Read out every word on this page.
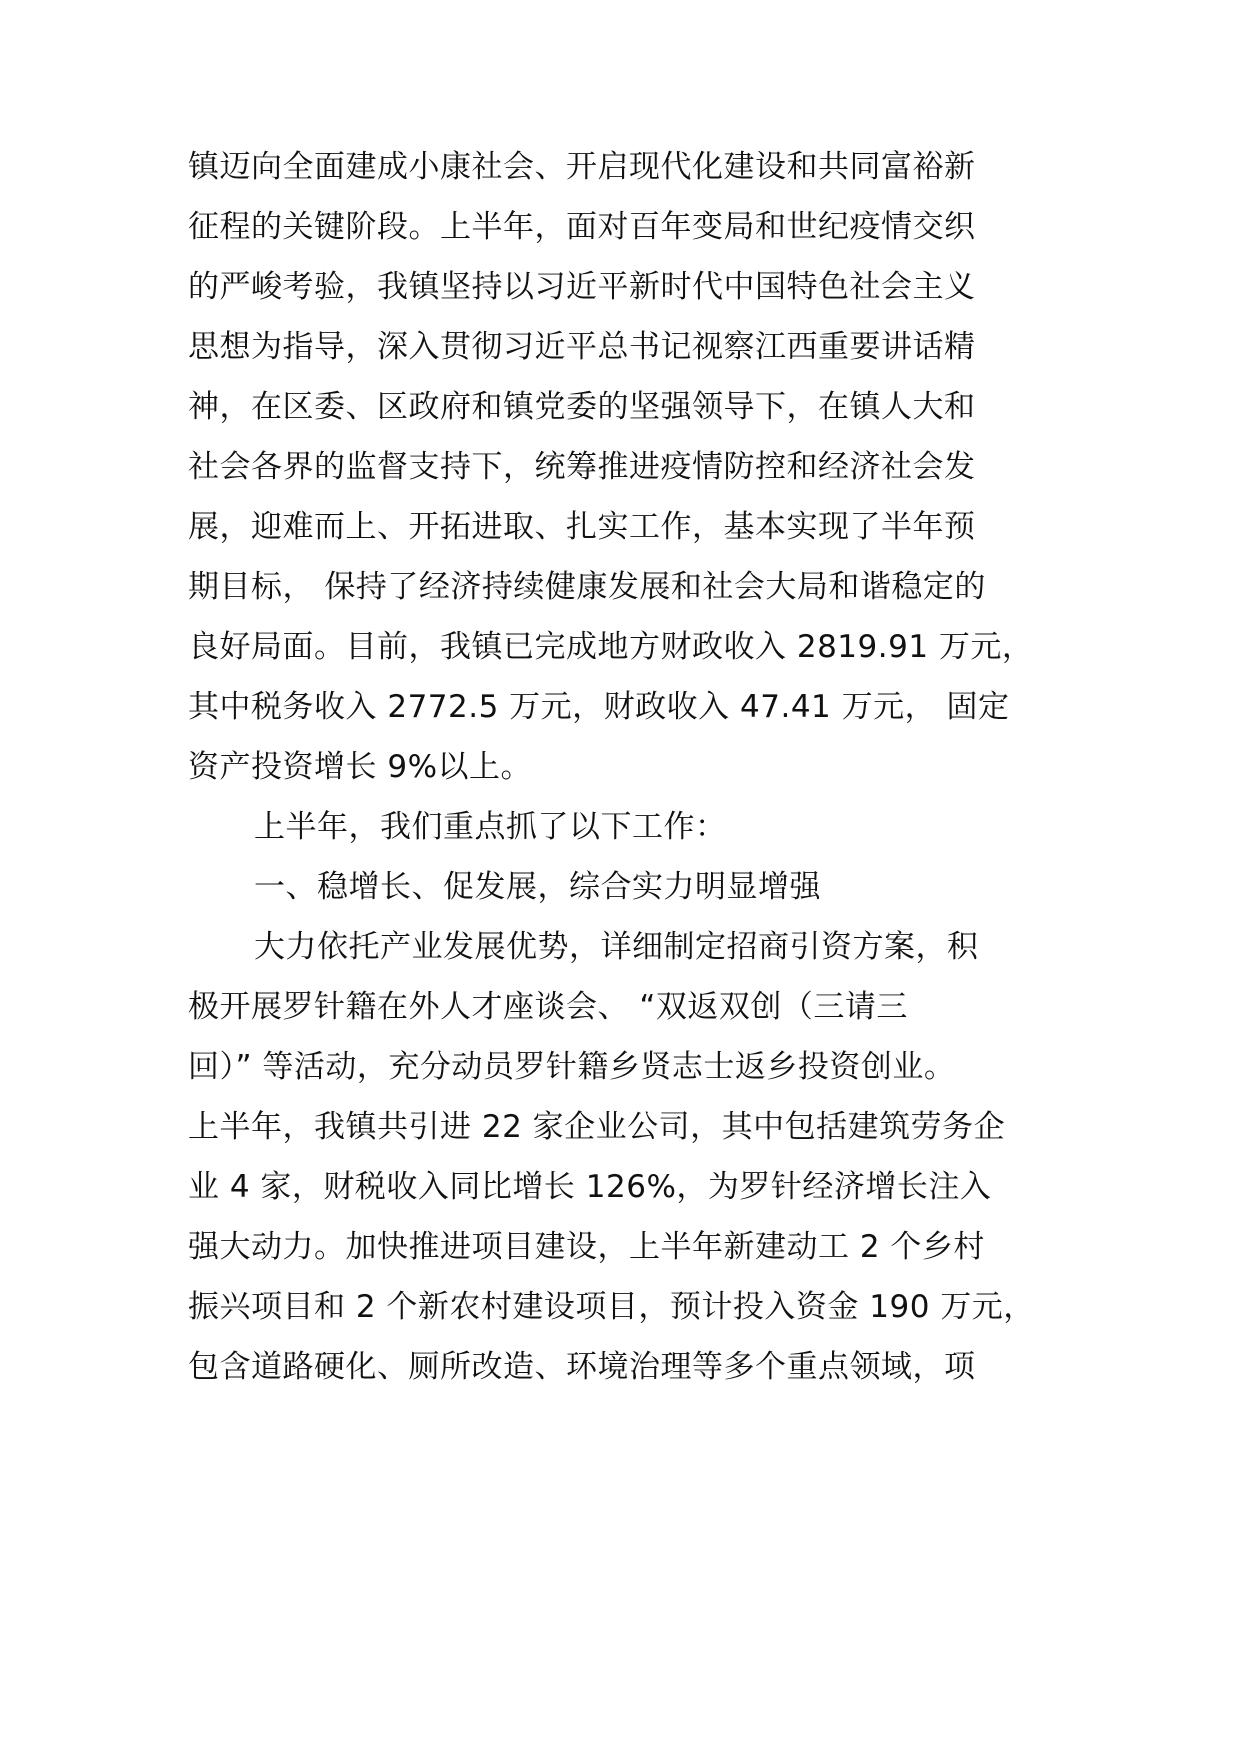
镇迈向全面建成小康社会、开启现代化建设和共同富裕新
征程的关键阶段。上半年，面对百年变局和世纪疫情交织
的严峻考验，我镇坚持以习近平新时代中国特色社会主义
思想为指导，深入贯彻习近平总书记视察江西重要讲话精
神，在区委、区政府和镇党委的坚强领导下，在镇人大和
社会各界的监督支持下，统筹推进疫情防控和经济社会发
展，迎难而上、开拓进取、扎实工作，基本实现了半年预
期目标， 保持了经济持续健康发展和社会大局和谐稳定的
良好局面。目前，我镇已完成地方财政收入 2819.91 万元，
其中税务收入 2772.5 万元，财政收入 47.41 万元， 固定
资产投资增长 9%以上。
上半年，我们重点抓了以下工作：
一、稳增长、促发展，综合实力明显增强
大力依托产业发展优势，详细制定招商引资方案，积
极开展罗针籍在外人才座谈会、 “双返双创（三请三
回）” 等活动，充分动员罗针籍乡贤志士返乡投资创业。
上半年，我镇共引进 22 家企业公司，其中包括建筑劳务企
业 4 家，财税收入同比增长 126%，为罗针经济增长注入
强大动力。加快推进项目建设，上半年新建动工 2 个乡村
振兴项目和 2 个新农村建设项目，预计投入资金 190 万元，
包含道路硬化、厕所改造、环境治理等多个重点领域，项
